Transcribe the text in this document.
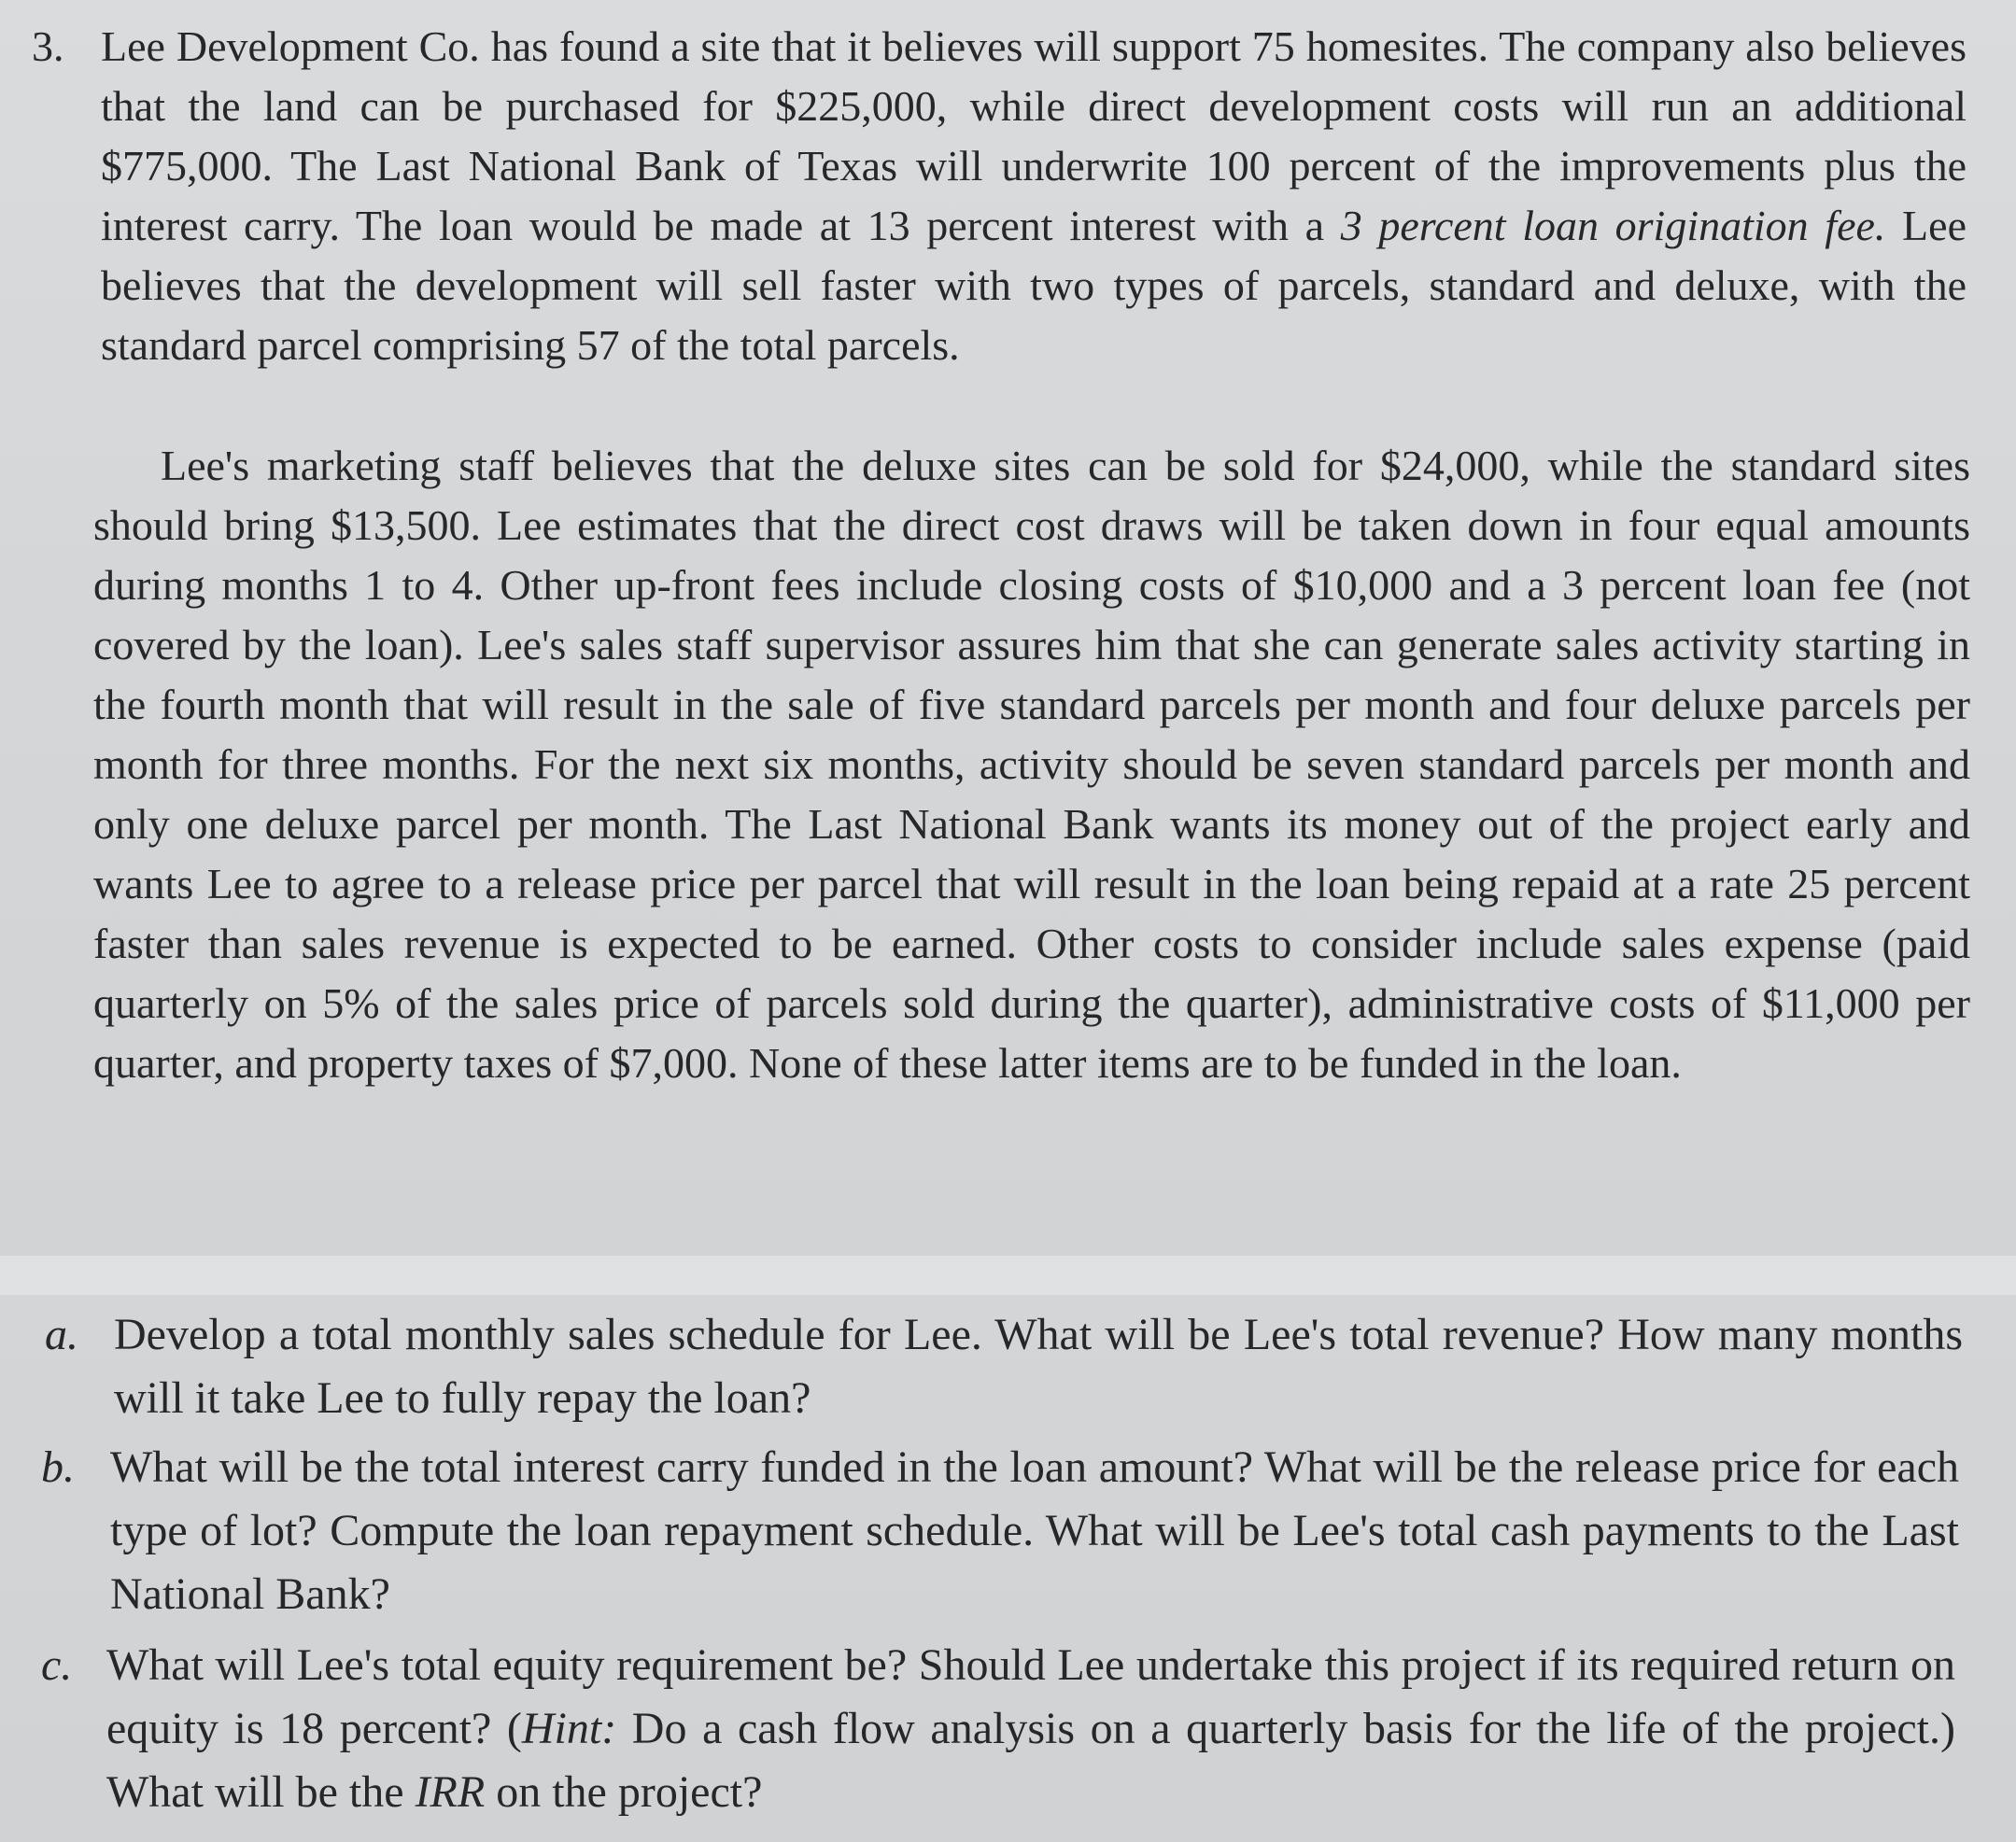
3. Lee Development Co. has found a site that it believes will support 75 homesites. The company also believes that the land can be purchased for $225,000, while direct development costs will run an additional $775,000. The Last National Bank of Texas will underwrite 100 percent of the improvements plus the interest carry. The loan would be made at 13 percent interest with a 3 percent loan origination fee. Lee believes that the development will sell faster with two types of parcels, standard and deluxe, with the standard parcel comprising 57 of the total parcels.

Lee's marketing staff believes that the deluxe sites can be sold for $24,000, while the standard sites should bring $13,500. Lee estimates that the direct cost draws will be taken down in four equal amounts during months 1 to 4. Other up-front fees include closing costs of $10,000 and a 3 percent loan fee (not covered by the loan). Lee's sales staff supervisor assures him that she can generate sales activity starting in the fourth month that will result in the sale of five standard parcels per month and four deluxe parcels per month for three months. For the next six months, activity should be seven standard parcels per month and only one deluxe parcel per month. The Last National Bank wants its money out of the project early and wants Lee to agree to a release price per parcel that will result in the loan being repaid at a rate 25 percent faster than sales revenue is expected to be earned. Other costs to consider include sales expense (paid quarterly on 5% of the sales price of parcels sold during the quarter), administrative costs of $11,000 per quarter, and property taxes of $7,000. None of these latter items are to be funded in the loan.

a. Develop a total monthly sales schedule for Lee. What will be Lee's total revenue? How many months will it take Lee to fully repay the loan?

b. What will be the total interest carry funded in the loan amount? What will be the release price for each type of lot? Compute the loan repayment schedule. What will be Lee's total cash payments to the Last National Bank?

c. What will Lee's total equity requirement be? Should Lee undertake this project if its required return on equity is 18 percent? (Hint: Do a cash flow analysis on a quarterly basis for the life of the project.) What will be the IRR on the project?
